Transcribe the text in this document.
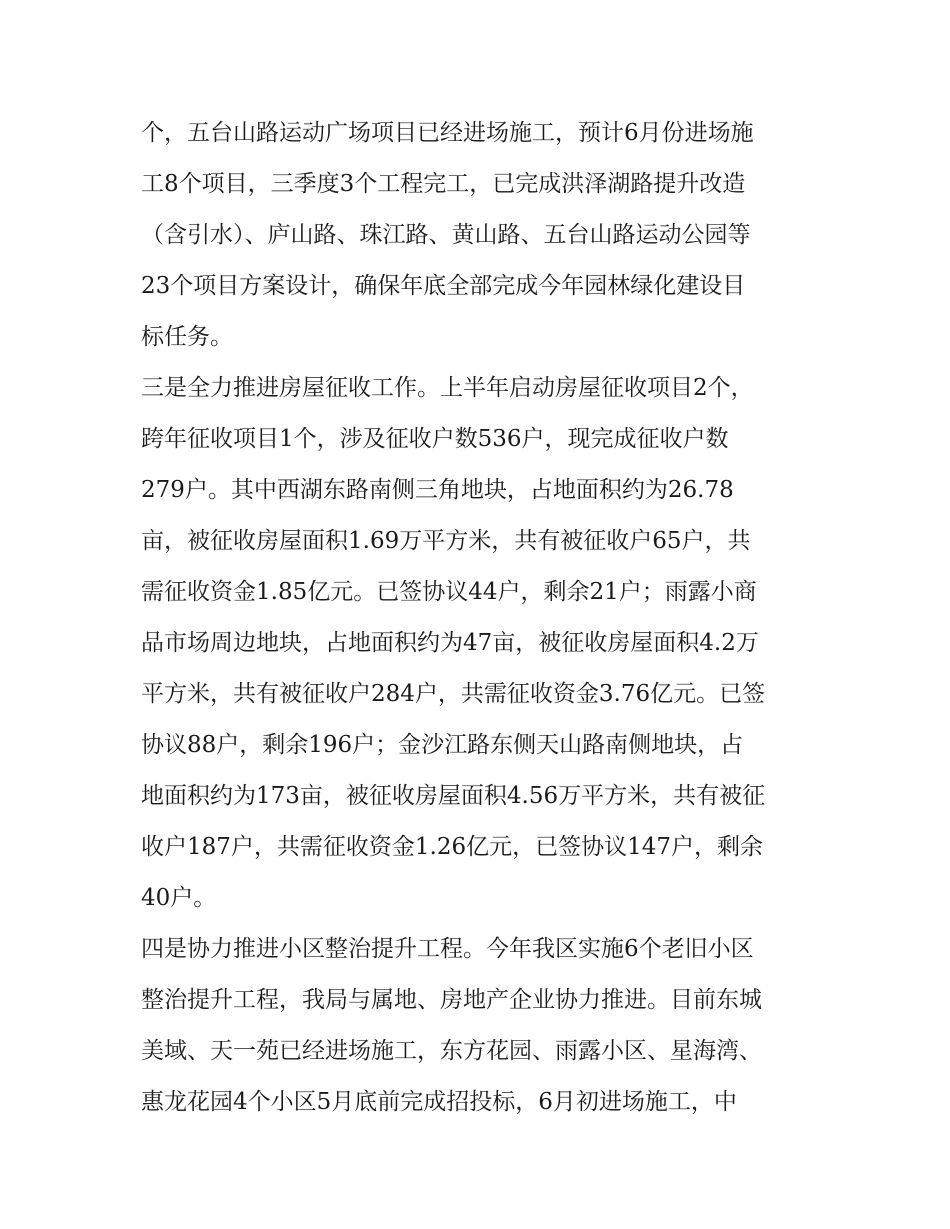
个，五台山路运动广场项目已经进场施工，预计6月份进场施
工8个项目，三季度3个工程完工，已完成洪泽湖路提升改造
（含引水）、庐山路、珠江路、黄山路、五台山路运动公园等
23个项目方案设计，确保年底全部完成今年园林绿化建设目
标任务。
三是全力推进房屋征收工作。上半年启动房屋征收项目2个，
跨年征收项目1个，涉及征收户数536户，现完成征收户数
279户。其中西湖东路南侧三角地块，占地面积约为26.78
亩，被征收房屋面积1.69万平方米，共有被征收户65户，共
需征收资金1.85亿元。已签协议44户，剩余21户；雨露小商
品市场周边地块，占地面积约为47亩，被征收房屋面积4.2万
平方米，共有被征收户284户，共需征收资金3.76亿元。已签
协议88户，剩余196户；金沙江路东侧天山路南侧地块，占
地面积约为173亩，被征收房屋面积4.56万平方米，共有被征
收户187户，共需征收资金1.26亿元，已签协议147户，剩余
40户。
四是协力推进小区整治提升工程。今年我区实施6个老旧小区
整治提升工程，我局与属地、房地产企业协力推进。目前东城
美域、天一苑已经进场施工，东方花园、雨露小区、星海湾、
惠龙花园4个小区5月底前完成招投标，6月初进场施工，中
